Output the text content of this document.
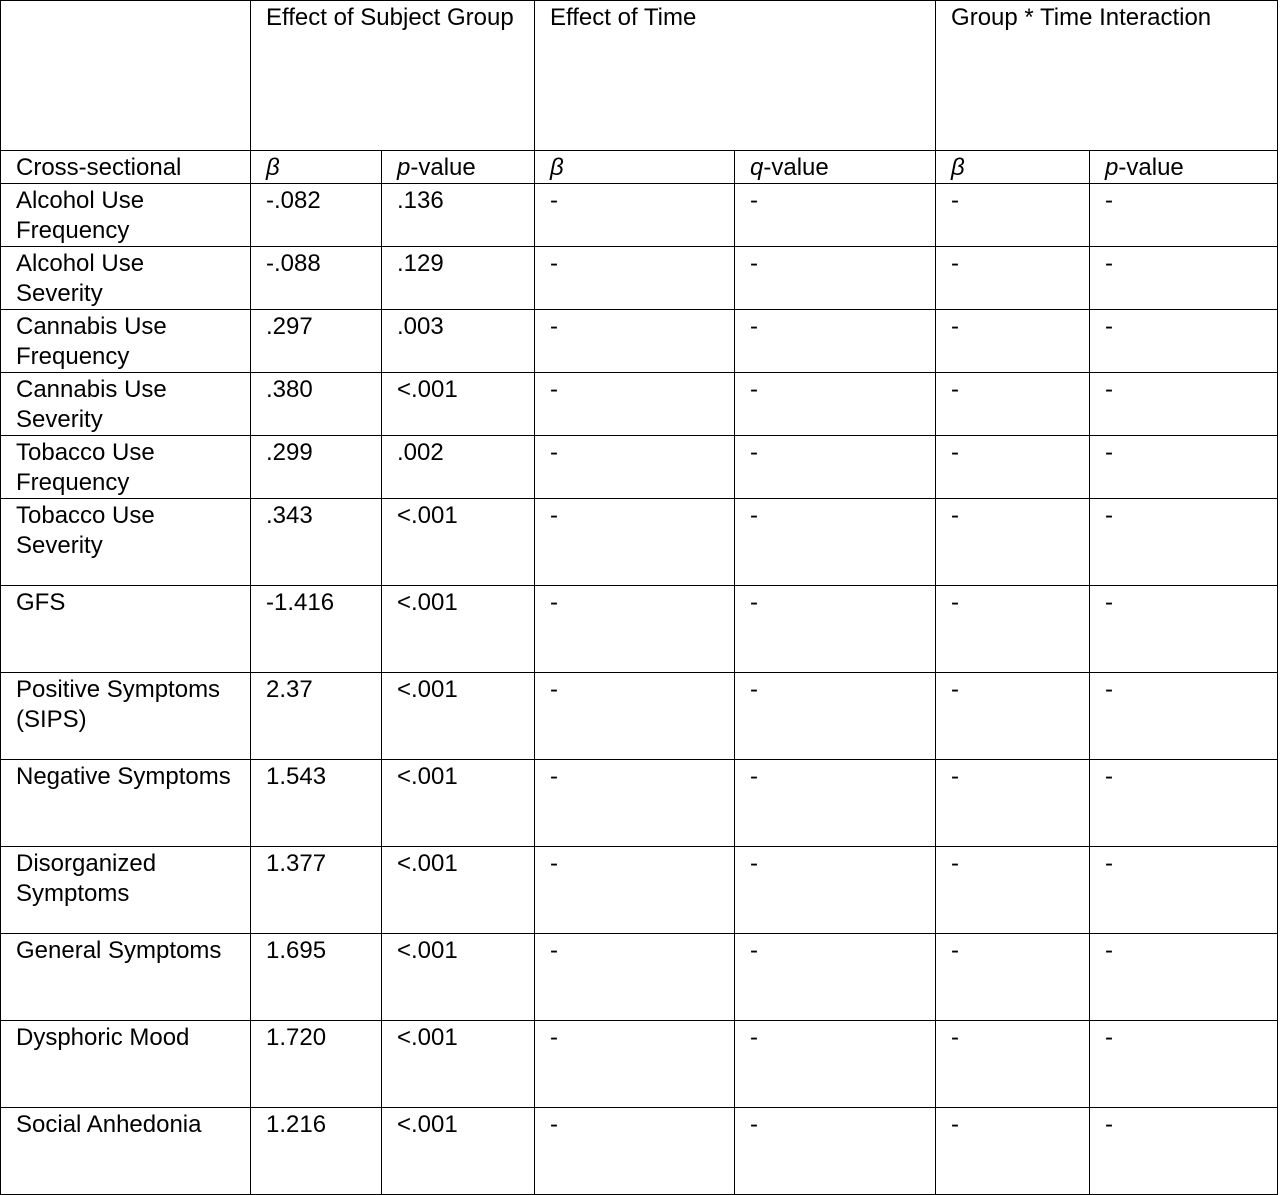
	Effect of Subject Group		Effect of Time		Group * Time Interaction	
Cross-sectional	β	p-value	β	q-value	β	p-value
Alcohol Use Frequency	-.082	.136	-	-	-	-
Alcohol Use Severity	-.088	.129	-	-	-	-
Cannabis Use Frequency	.297	.003	-	-	-	-
Cannabis Use Severity	.380	<.001	-	-	-	-
Tobacco Use Frequency	.299	.002	-	-	-	-
Tobacco Use Severity	.343	<.001	-	-	-	-
GFS	-1.416	<.001	-	-	-	-
Positive Symptoms (SIPS)	2.37	<.001	-	-	-	-
Negative Symptoms	1.543	<.001	-	-	-	-
Disorganized Symptoms	1.377	<.001	-	-	-	-
General Symptoms	1.695	<.001	-	-	-	-
Dysphoric Mood	1.720	<.001	-	-	-	-
Social Anhedonia	1.216	<.001	-	-	-	-
